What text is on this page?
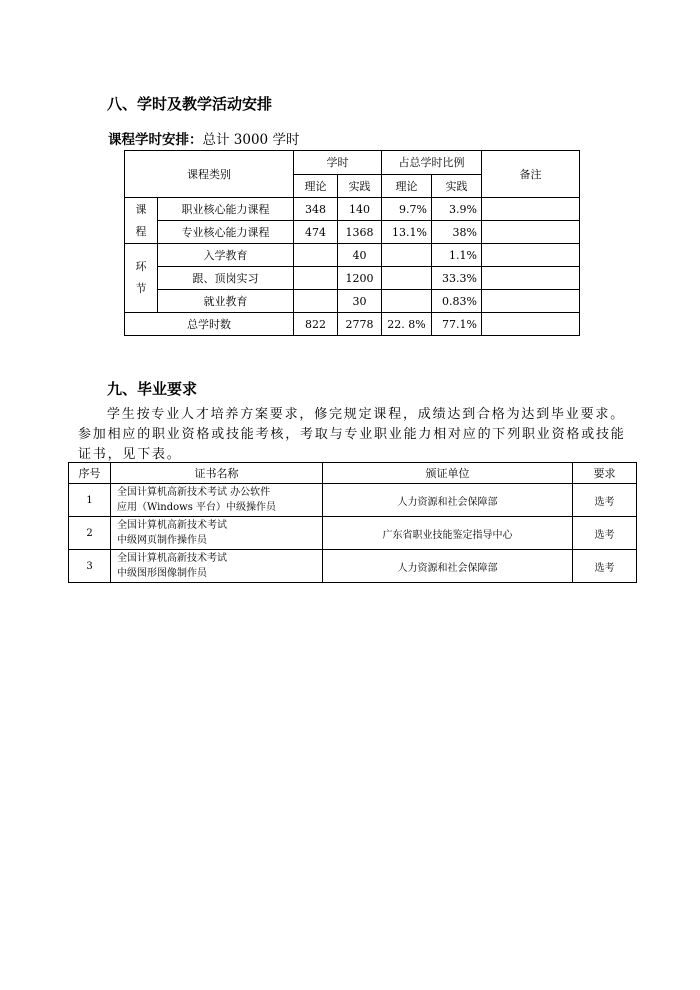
八、学时及教学活动安排
课程学时安排：总计 3000 学时
课程类别		学时		占总学时比例		备注
		理论	实践	理论	实践	

课
程	职业核心能力课程	348	140	9.7%	3.9%	
	专业核心能力课程	474	1368	13.1%	38%	

环
节	入学教育		40		1.1%	
	跟、顶岗实习		1200		33.3%	
	就业教育		30		0.83%	
总学时数		822	2778	22. 8%	77.1%	
九、毕业要求
学生按专业人才培养方案要求，修完规定课程，成绩达到合格为达到毕业要求。参加相应的职业资格或技能考核，考取与专业职业能力相对应的下列职业资格或技能证书，见下表。
序号	证书名称	颁证单位	要求
1	全国计算机高新技术考试 办公软件
应用（Windows 平台）中级操作员	人力资源和社会保障部	选考
2	全国计算机高新技术考试
中级网页制作操作员	广东省职业技能鉴定指导中心	选考
3	全国计算机高新技术考试
中级图形图像制作员	人力资源和社会保障部	选考
